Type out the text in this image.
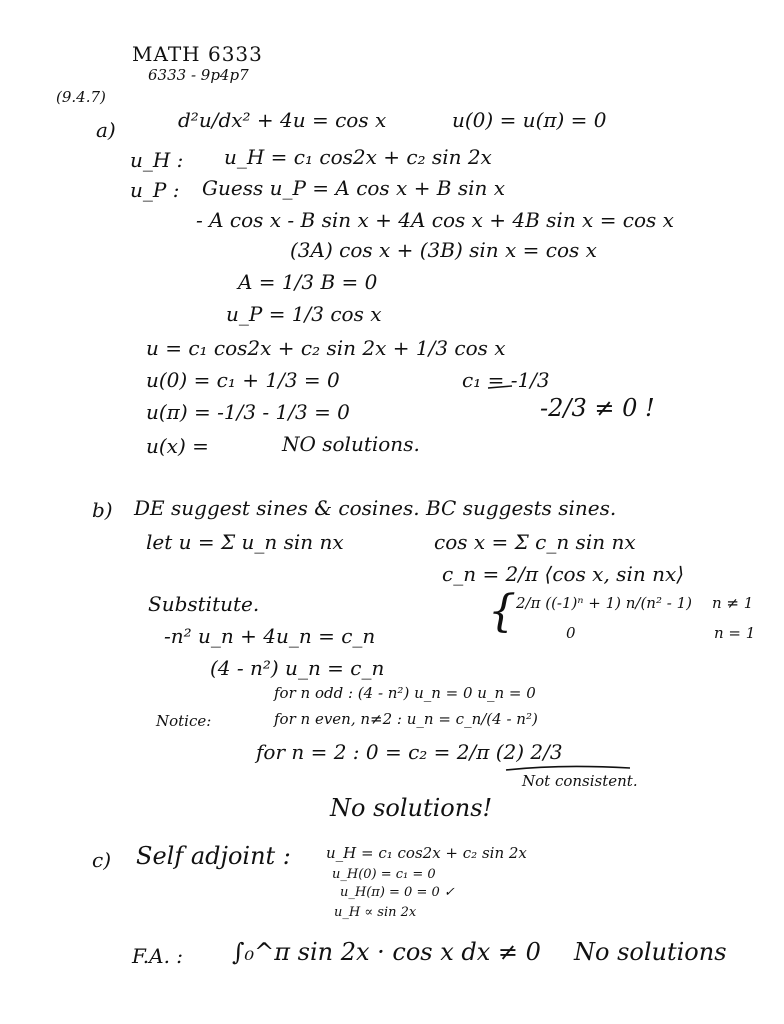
MATH 6333
6333 - 9p4p7
(9.4.7)
a)	d²u/dx² + 4u = cos x	u(0) = u(π) = 0
u_H : u_H = c₁ cos2x + c₂ sin 2x
u_P : Guess u_P = A cos x + B sin x
- A cos x - B sin x + 4A cos x + 4B sin x = cos x
(3A) cos x + (3B) sin x = cos x
A = 1/3 B = 0
u_P = 1/3 cos x
u = c₁ cos2x + c₂ sin 2x + 1/3 cos x
u(0) = c₁ + 1/3 = 0	c₁ = -1/3
u(π) = -1/3 - 1/3 = 0	-2/3 ≠ 0 !
u(x) =	NO solutions.
b) DE suggest sines & cosines. BC suggests sines.
let u = Σ u_n sin nx	cos x = Σ c_n sin nx
c_n = 2/π ⟨cos x, sin nx⟩
Substitute.	{ 2/π ((-1)ⁿ + 1) n/(n² - 1) n ≠ 1
0	n = 1
-n² u_n + 4u_n = c_n
(4 - n²) u_n = c_n
Notice:
for n odd : (4 - n²) u_n = 0 u_n = 0
for n even, n≠2 : u_n = c_n/(4 - n²)
for n = 2 : 0 = c₂ = 2/π (2) 2/3
Not consistent.
No solutions!
c) Self adjoint : u_H = c₁ cos2x + c₂ sin 2x
u_H(0) = c₁ = 0
u_H(π) = 0 = 0 ✓
u_H ∝ sin 2x
F.A. : ∫₀^π sin 2x · cos x dx ≠ 0 No solutions
